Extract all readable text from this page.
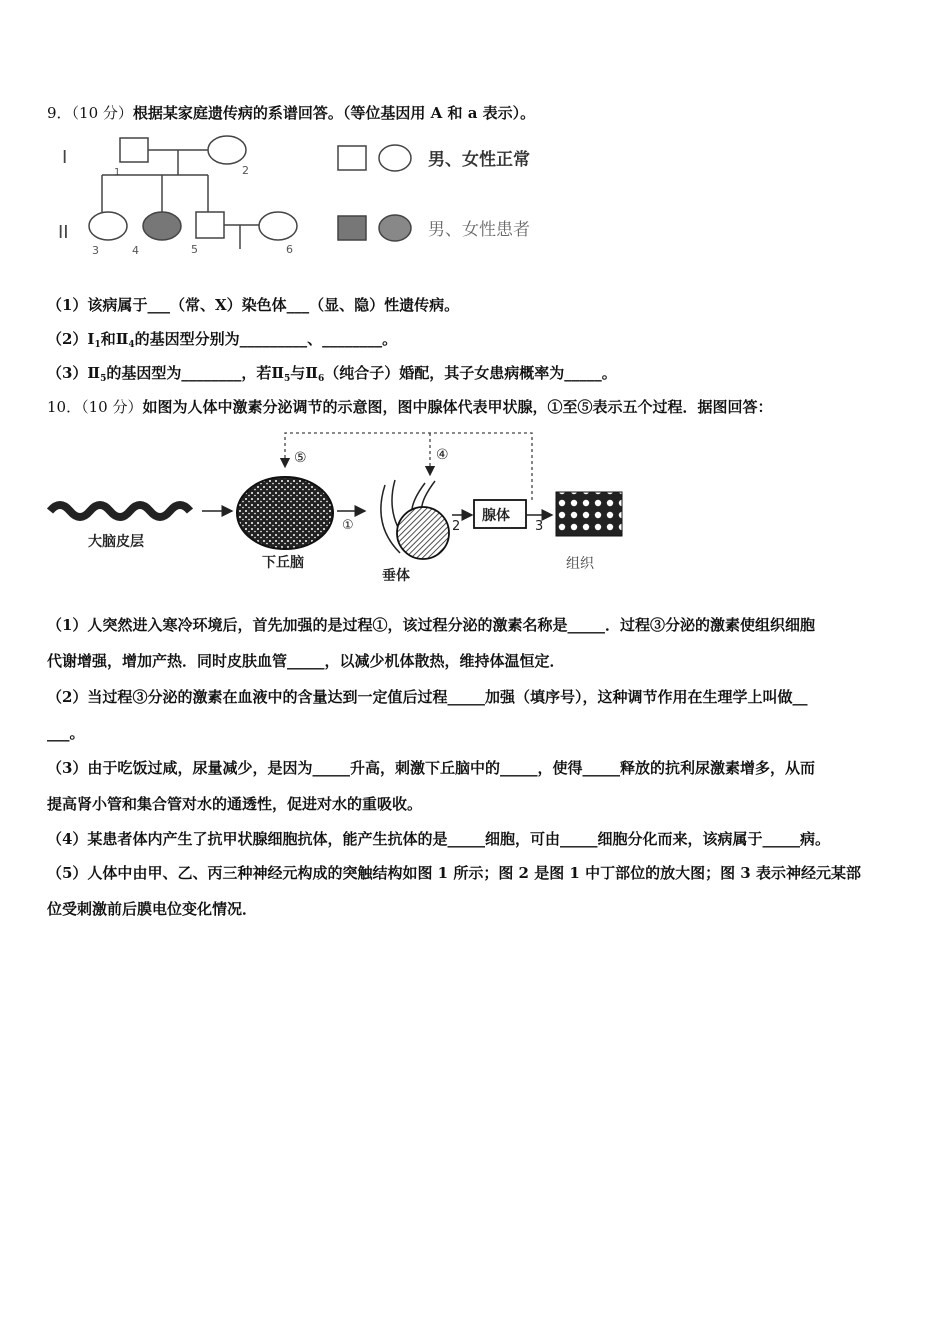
9．（10 分）根据某家庭遗传病的系谱回答。（等位基因用 A 和 a 表示）。
I
II
1	2
3	4	5	6
男、女性正常
男、女性患者
（1）该病属于___（常、X）染色体___（显、隐）性遗传病。
$(2)Ⅰ_1$和$Ⅱ_4$的基因型分别为_________、________。
$(3)Ⅱ_5$的基因型为________，若$Ⅱ_5$与$Ⅱ_6$（纯合子）婚配，其子女患病概率为_____。
10．（10 分）如图为人体中激素分泌调节的示意图，图中腺体代表甲状腺，①至⑤表示五个过程．据图回答：
大脑皮层
下丘脑
①
垂体
2
腺体
3
组织
⑤	④
（1）人突然进入寒冷环境后，首先加强的是过程①，该过程分泌的激素名称是_____．过程③分泌的激素使组织细胞
代谢增强，增加产热．同时皮肤血管_____，以减少机体散热，维持体温恒定．
（2）当过程③分泌的激素在血液中的含量达到一定值后过程_____加强（填序号），这种调节作用在生理学上叫做__
___。
（3）由于吃饭过咸，尿量减少，是因为_____升高，刺激下丘脑中的_____，使得_____释放的抗利尿激素增多，从而
提高肾小管和集合管对水的通透性，促进对水的重吸收。
（4）某患者体内产生了抗甲状腺细胞抗体，能产生抗体的是_____细胞，可由_____细胞分化而来，该病属于_____病。
（5）人体中由甲、乙、丙三种神经元构成的突触结构如图 1 所示；图 2 是图 1 中丁部位的放大图；图 3 表示神经元某部
位受刺激前后膜电位变化情况．
